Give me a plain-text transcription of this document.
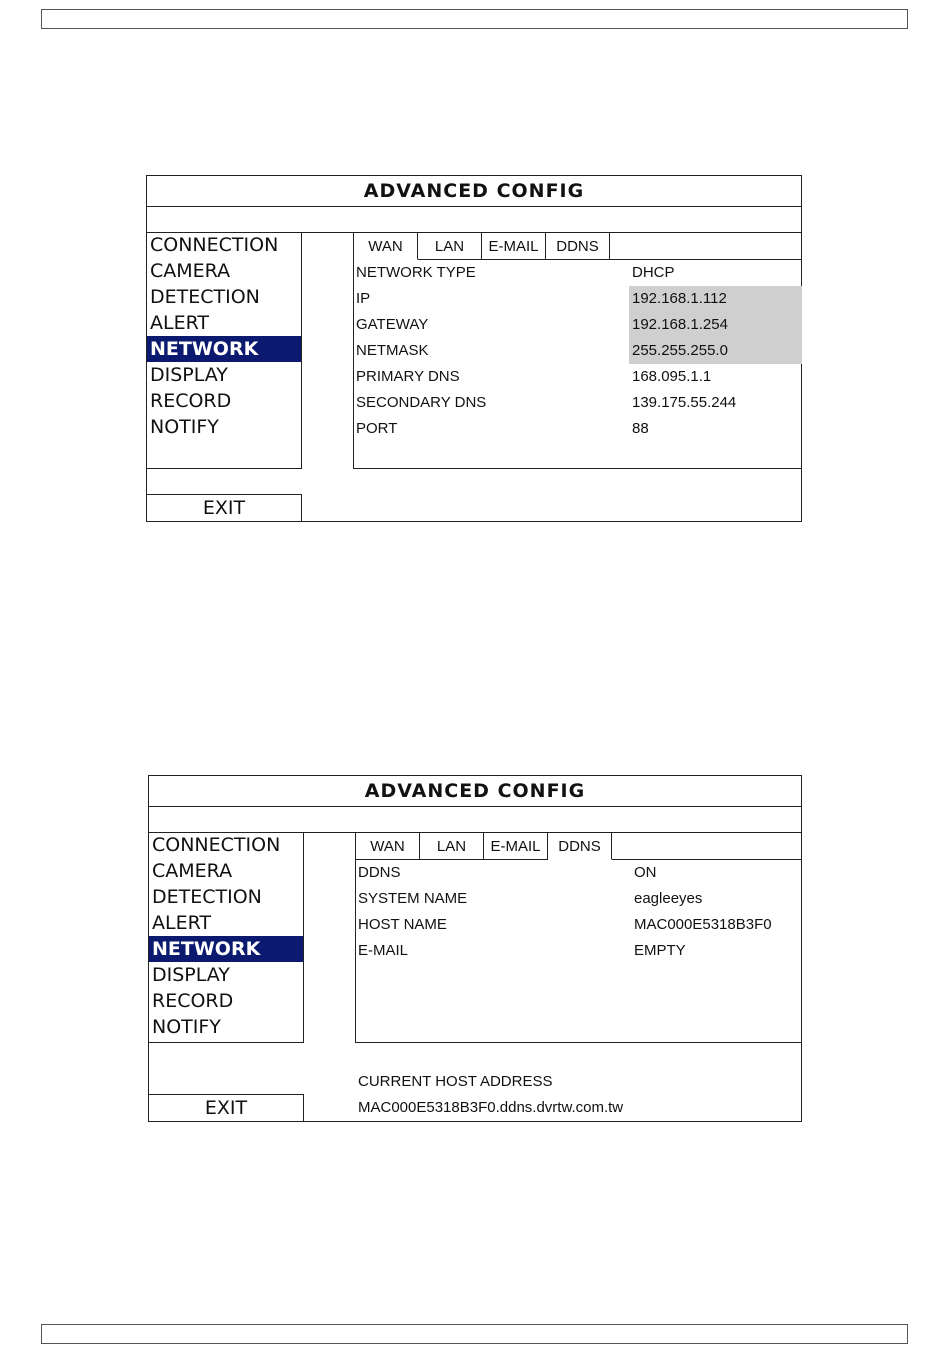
ADVANCED CONFIG
CONNECTION
CAMERA
DETECTION
ALERT
NETWORK
DISPLAY
RECORD
NOTIFY
EXIT
WAN	LAN	E-MAIL	DDNS
NETWORK TYPE	DHCP
IP	192.168.1.112
GATEWAY	192.168.1.254
NETMASK	255.255.255.0
PRIMARY DNS	168.095.1.1
SECONDARY DNS	139.175.55.244
PORT	88
ADVANCED CONFIG
CONNECTION
CAMERA
DETECTION
ALERT
NETWORK
DISPLAY
RECORD
NOTIFY
EXIT
WAN	LAN	E-MAIL	DDNS
DDNS	ON
SYSTEM NAME	eagleeyes
HOST NAME	MAC000E5318B3F0
E-MAIL	EMPTY
CURRENT HOST ADDRESS
MAC000E5318B3F0.ddns.dvrtw.com.tw
